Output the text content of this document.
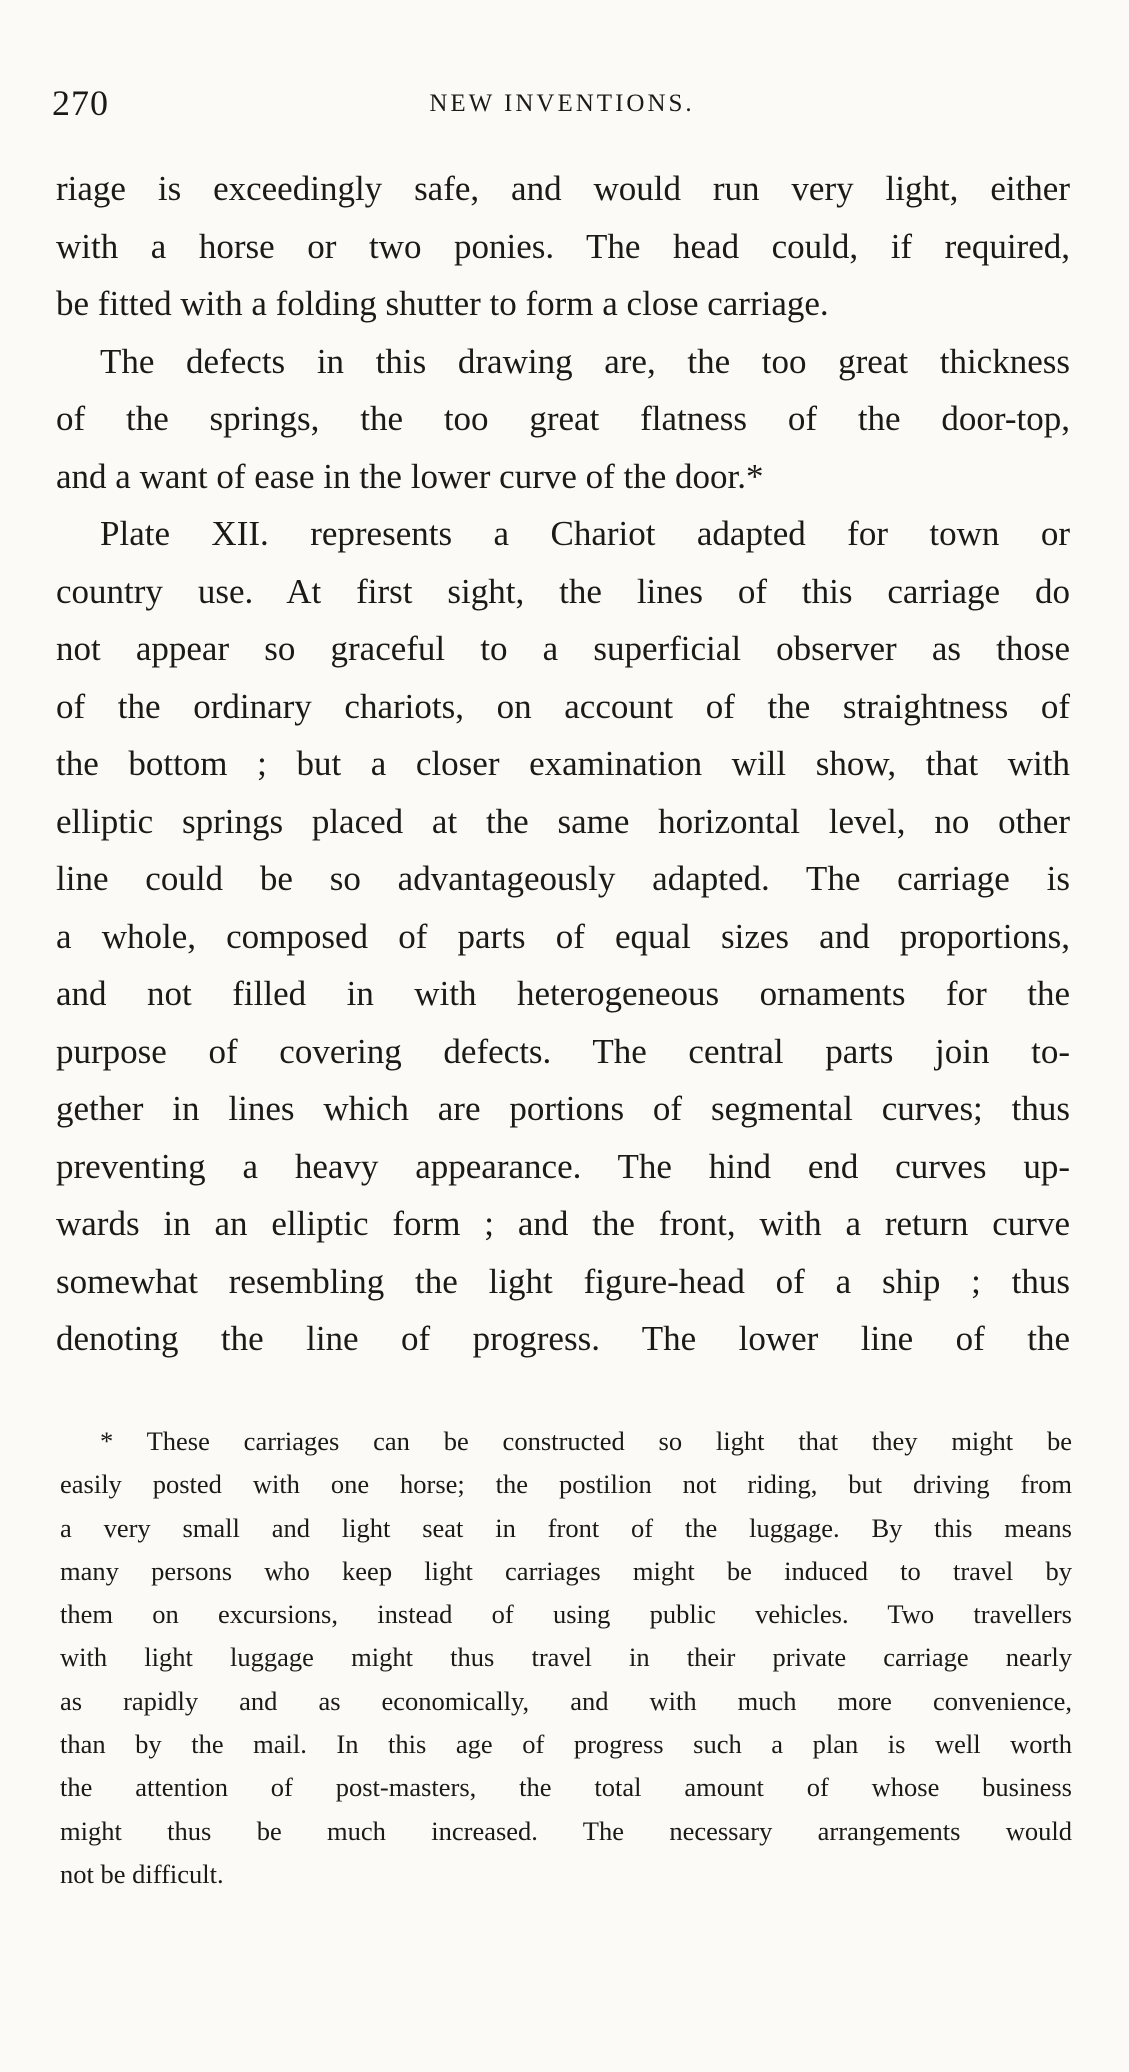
270	NEW INVENTIONS.
riage is exceedingly safe, and would run very light, either
with a horse or two ponies. The head could, if required,
be fitted with a folding shutter to form a close carriage.
The defects in this drawing are, the too great thickness
of the springs, the too great flatness of the door-top,
and a want of ease in the lower curve of the door.*
Plate XII. represents a Chariot adapted for town or
country use. At first sight, the lines of this carriage do
not appear so graceful to a superficial observer as those
of the ordinary chariots, on account of the straightness of
the bottom ; but a closer examination will show, that with
elliptic springs placed at the same horizontal level, no other
line could be so advantageously adapted. The carriage is
a whole, composed of parts of equal sizes and proportions,
and not filled in with heterogeneous ornaments for the
purpose of covering defects. The central parts join to-
gether in lines which are portions of segmental curves; thus
preventing a heavy appearance. The hind end curves up-
wards in an elliptic form ; and the front, with a return curve
somewhat resembling the light figure-head of a ship ; thus
denoting the line of progress. The lower line of the
* These carriages can be constructed so light that they might be
easily posted with one horse; the postilion not riding, but driving from
a very small and light seat in front of the luggage. By this means
many persons who keep light carriages might be induced to travel by
them on excursions, instead of using public vehicles. Two travellers
with light luggage might thus travel in their private carriage nearly
as rapidly and as economically, and with much more convenience,
than by the mail. In this age of progress such a plan is well worth
the attention of post-masters, the total amount of whose business
might thus be much increased. The necessary arrangements would
not be difficult.
